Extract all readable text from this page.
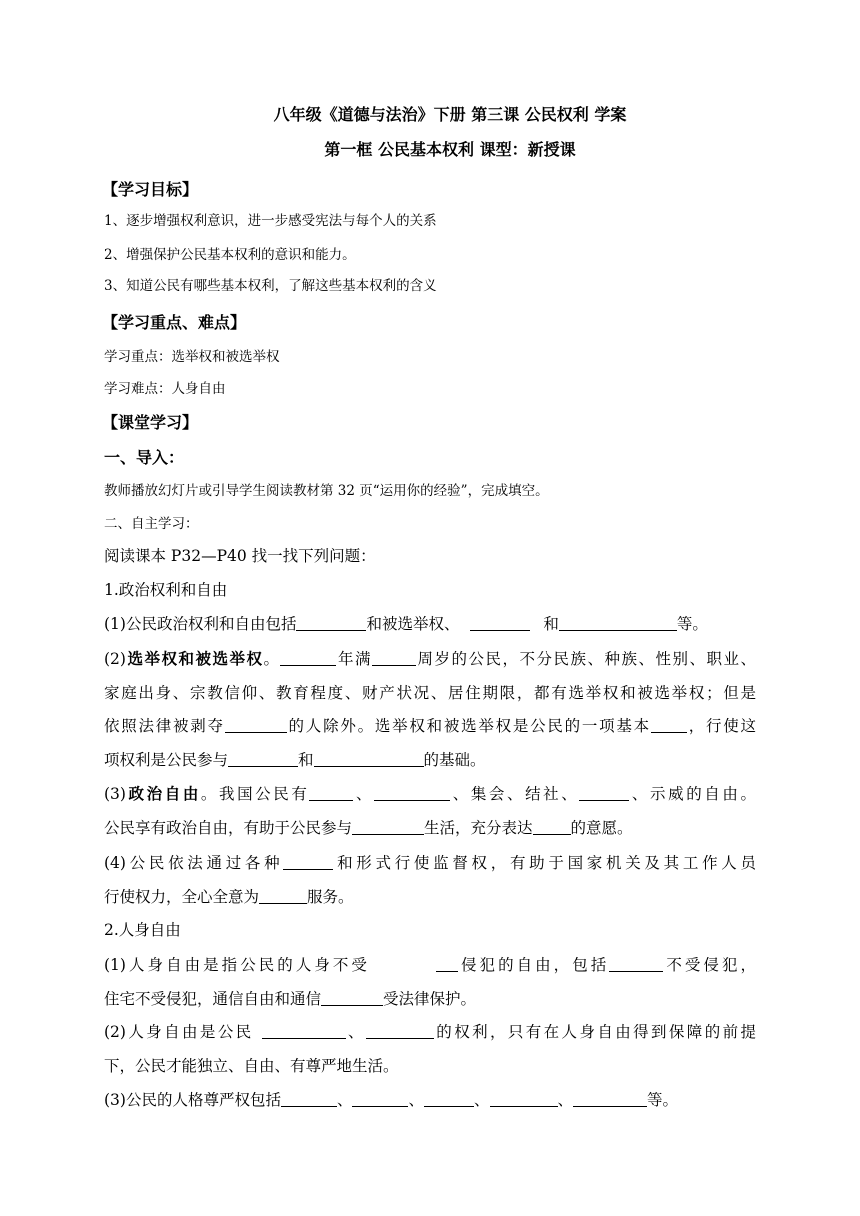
八年级《道德与法治》下册 第三课 公民权利 学案
第一框 公民基本权利 课型：新授课
【学习目标】
1、逐步增强权利意识，进一步感受宪法与每个人的关系
2、增强保护公民基本权利的意识和能力。
3、知道公民有哪些基本权利，了解这些基本权利的含义
【学习重点、难点】
学习重点：选举权和被选举权
学习难点：人身自由
【课堂学习】
一、导入：
教师播放幻灯片或引导学生阅读教材第 32 页“运用你的经验”，完成填空。
二、自主学习：
阅读课本 P32—P40 找一找下列问题：
1.政治权利和自由
(1)公民政治权利和自由包括	和被选举权、	和	等。
(2)选举权和被选举权。	年满	周岁的公民，不分民族、种族、性别、职业、
家庭出身、宗教信仰、教育程度、财产状况、居住期限，都有选举权和被选举权；但是
依照法律被剥夺	的人除外。选举权和被选举权是公民的一项基本 ，行使这
项权利是公民参与	和	的基础。
(3)政治自由。我国公民有	、	、集会、结社、	、示威的自由。
公民享有政治自由，有助于公民参与	生活，充分表达 的意愿。
(4)公民依法通过各种	和形式行使监督权，有助于国家机关及其工作人员
行使权力，全心全意为	服务。
2.人身自由
(1)人身自由是指公民的人身不受	侵犯的自由，包括	不受侵犯，
住宅不受侵犯，通信自由和通信	受法律保护。
(2)人身自由是公民	、	的权利，只有在人身自由得到保障的前提
下，公民才能独立、自由、有尊严地生活。
(3)公民的人格尊严权包括	、	、	、	、	等。
